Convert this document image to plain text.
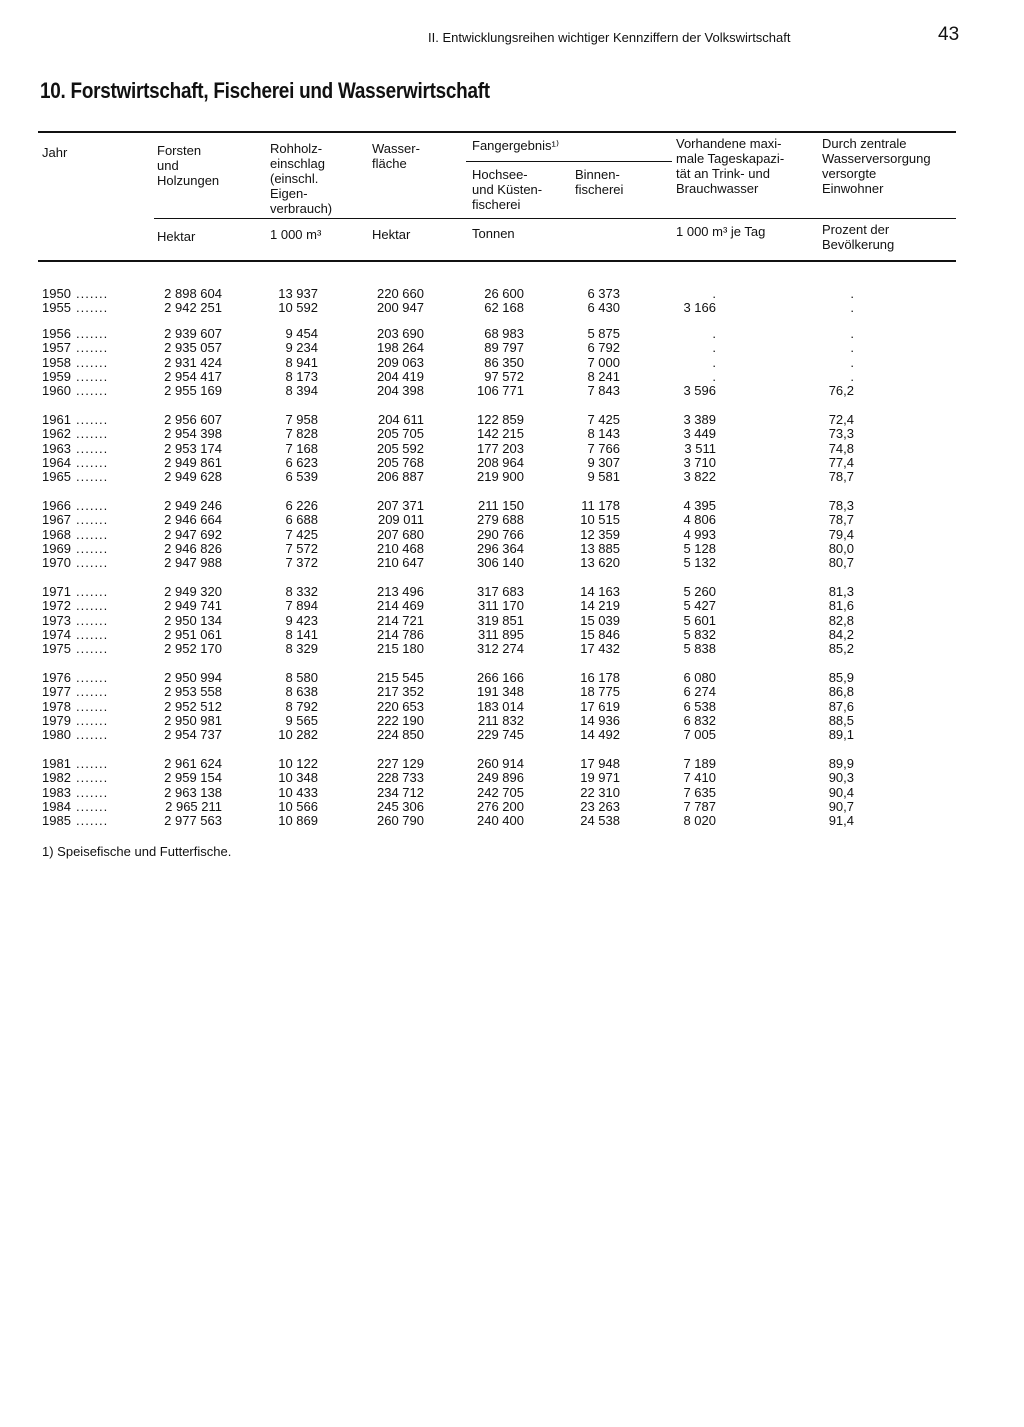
II. Entwicklungsreihen wichtiger Kennziffern der Volkswirtschaft	43
10. Forstwirtschaft, Fischerei und Wasserwirtschaft
Jahr	Forsten
und
Holzungen
Rohholz-
einschlag
(einschl.
Eigen-
verbrauch)
Wasser-
fläche
Fangergebnis¹⁾
Hochsee-
und Küsten-
fischerei
Binnen-
fischerei
Vorhandene maxi-
male Tageskapazi-
tät an Trink- und
Brauchwasser
Durch zentrale
Wasserversorgung
versorgte
Einwohner
Hektar	1 000 m³	Hektar	Tonnen	1 000 m³ je Tag	Prozent der
Bevölkerung
1950 .......	2 898 604	13 937	220 660	26 600	6 373	.	.
1955 .......	2 942 251	10 592	200 947	62 168	6 430	3 166	.
1956 .......	2 939 607	9 454	203 690	68 983	5 875	.	.
1957 .......	2 935 057	9 234	198 264	89 797	6 792	.	.
1958 .......	2 931 424	8 941	209 063	86 350	7 000	.	.
1959 .......	2 954 417	8 173	204 419	97 572	8 241	.	.
1960 .......	2 955 169	8 394	204 398	106 771	7 843	3 596	76,2
1961 .......	2 956 607	7 958	204 611	122 859	7 425	3 389	72,4
1962 .......	2 954 398	7 828	205 705	142 215	8 143	3 449	73,3
1963 .......	2 953 174	7 168	205 592	177 203	7 766	3 511	74,8
1964 .......	2 949 861	6 623	205 768	208 964	9 307	3 710	77,4
1965 .......	2 949 628	6 539	206 887	219 900	9 581	3 822	78,7
1966 .......	2 949 246	6 226	207 371	211 150	11 178	4 395	78,3
1967 .......	2 946 664	6 688	209 011	279 688	10 515	4 806	78,7
1968 .......	2 947 692	7 425	207 680	290 766	12 359	4 993	79,4
1969 .......	2 946 826	7 572	210 468	296 364	13 885	5 128	80,0
1970 .......	2 947 988	7 372	210 647	306 140	13 620	5 132	80,7
1971 .......	2 949 320	8 332	213 496	317 683	14 163	5 260	81,3
1972 .......	2 949 741	7 894	214 469	311 170	14 219	5 427	81,6
1973 .......	2 950 134	9 423	214 721	319 851	15 039	5 601	82,8
1974 .......	2 951 061	8 141	214 786	311 895	15 846	5 832	84,2
1975 .......	2 952 170	8 329	215 180	312 274	17 432	5 838	85,2
1976 .......	2 950 994	8 580	215 545	266 166	16 178	6 080	85,9
1977 .......	2 953 558	8 638	217 352	191 348	18 775	6 274	86,8
1978 .......	2 952 512	8 792	220 653	183 014	17 619	6 538	87,6
1979 .......	2 950 981	9 565	222 190	211 832	14 936	6 832	88,5
1980 .......	2 954 737	10 282	224 850	229 745	14 492	7 005	89,1
1981 .......	2 961 624	10 122	227 129	260 914	17 948	7 189	89,9
1982 .......	2 959 154	10 348	228 733	249 896	19 971	7 410	90,3
1983 .......	2 963 138	10 433	234 712	242 705	22 310	7 635	90,4
1984 .......	2 965 211	10 566	245 306	276 200	23 263	7 787	90,7
1985 .......	2 977 563	10 869	260 790	240 400	24 538	8 020	91,4
1) Speisefische und Futterfische.
